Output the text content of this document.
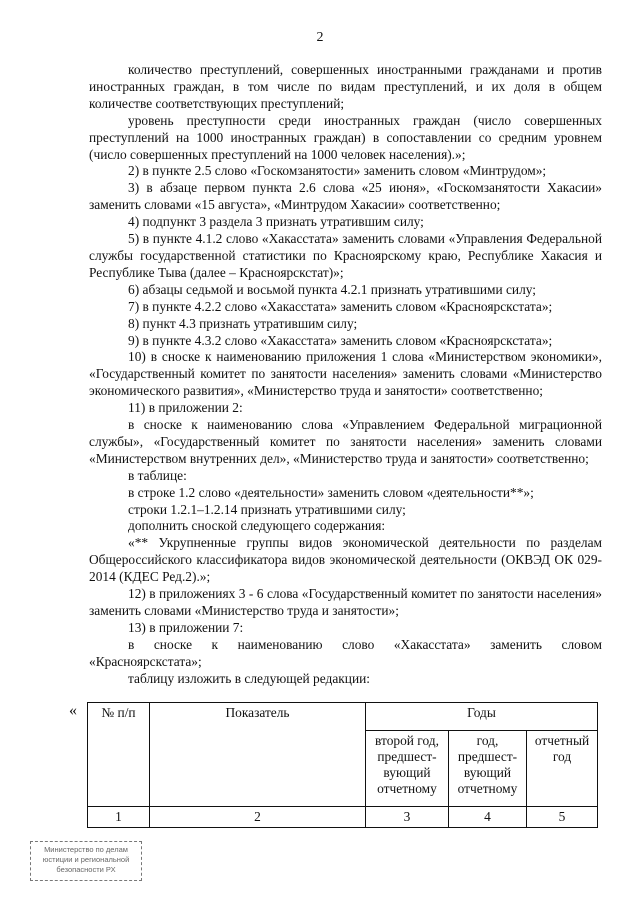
2

количество преступлений, совершенных иностранными гражданами и против иностранных граждан, в том числе по видам преступлений, и их доля в общем количестве соответствующих преступлений;

уровень преступности среди иностранных граждан (число совершенных преступлений на 1000 иностранных граждан) в сопоставлении со средним уровнем (число совершенных преступлений на 1000 человек населения).»;

2) в пункте 2.5 слово «Госкомзанятости» заменить словом «Минтрудом»;

3) в абзаце первом пункта 2.6 слова «25 июня», «Госкомзанятости Хакасии» заменить словами «15 августа», «Минтрудом Хакасии» соответственно;

4) подпункт 3 раздела 3 признать утратившим силу;

5) в пункте 4.1.2 слово «Хакасстата» заменить словами «Управления Федеральной службы государственной статистики по Красноярскому краю, Республике Хакасия и Республике Тыва (далее – Красноярскстат)»;

6) абзацы седьмой и восьмой пункта 4.2.1 признать утратившими силу;

7) в пункте 4.2.2 слово «Хакасстата» заменить словом «Красноярскстата»;

8) пункт 4.3 признать утратившим силу;

9) в пункте 4.3.2 слово «Хакасстата» заменить словом «Красноярскстата»;

10) в сноске к наименованию приложения 1 слова «Министерством экономики», «Государственный комитет по занятости населения» заменить словами «Министерство экономического развития», «Министерство труда и занятости» соответственно;

11) в приложении 2:

в сноске к наименованию слова «Управлением Федеральной миграционной службы», «Государственный комитет по занятости населения» заменить словами «Министерством внутренних дел», «Министерство труда и занятости» соответственно;

в таблице:

в строке 1.2 слово «деятельности» заменить словом «деятельности**»;

строки 1.2.1–1.2.14 признать утратившими силу;

дополнить сноской следующего содержания:

«** Укрупненные группы видов экономической деятельности по разделам Общероссийского классификатора видов экономической деятельности (ОКВЭД ОК 029-2014 (КДЕС Ред.2).»;

12) в приложениях 3 - 6 слова «Государственный комитет по занятости населения» заменить словами «Министерство труда и занятости»;

13) в приложении 7:

в сноске к наименованию слово «Хакасстата» заменить словом «Красноярскстата»;

таблицу изложить в следующей редакции:

« № п/п	Показатель	Годы		
		второй год, предшест-вующий отчетному	год, предшест-вующий отчетному	отчетный год
1	2	3	4	5
Министерство по делам
юстиции и региональной
безопасности РХ
